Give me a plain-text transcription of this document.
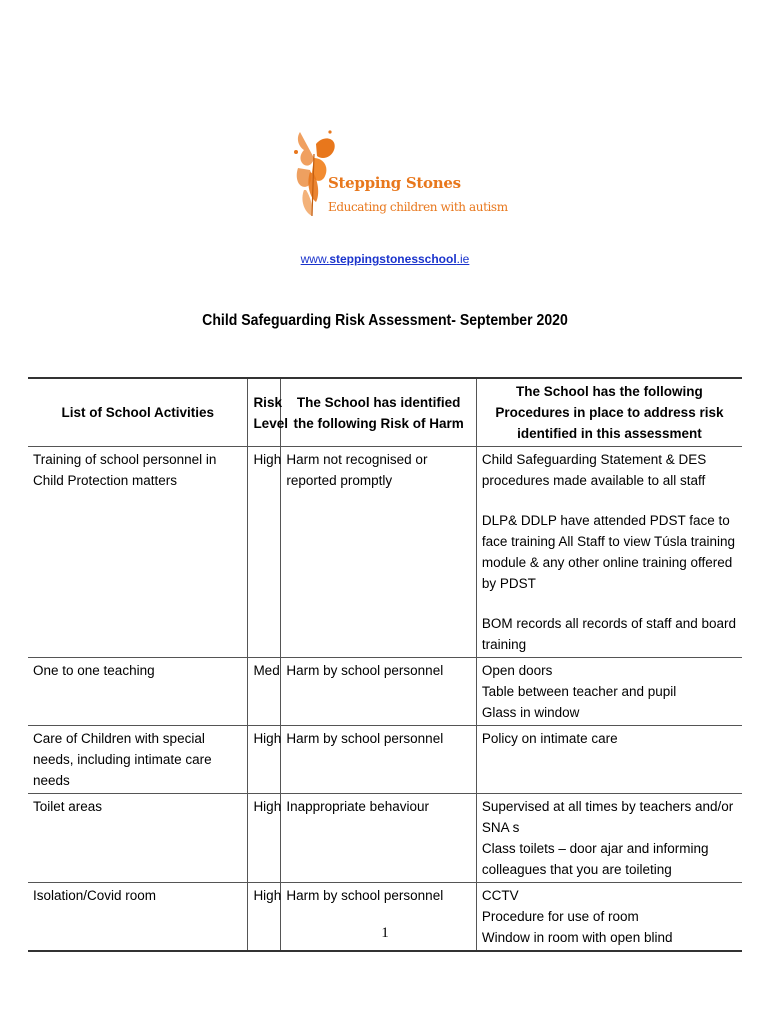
Stepping Stones
Educating children with autism
www.steppingstonesschool.ie
Child Safeguarding Risk Assessment- September 2020
List of School Activities	Risk Level	The School has identified the following Risk of Harm	The School has the following Procedures in place to address risk identified in this assessment
Training of school personnel in Child Protection matters	High	Harm not recognised or reported promptly	Child Safeguarding Statement & DES procedures made available to all staff

DLP& DDLP have attended PDST face to face training All Staff to view Túsla training module & any other online training offered by PDST

BOM records all records of staff and board training

One to one teaching	Med	Harm by school personnel	Open doors

Table between teacher and pupil

Glass in window

Care of Children with special needs, including intimate care needs	High	Harm by school personnel	Policy on intimate care

Toilet areas	High	Inappropriate behaviour	Supervised at all times by teachers and/or SNA s

Class toilets – door ajar and informing colleagues that you are toileting

Isolation/Covid room	High	Harm by school personnel	CCTV

Procedure for use of room

Window in room with open blind

1
